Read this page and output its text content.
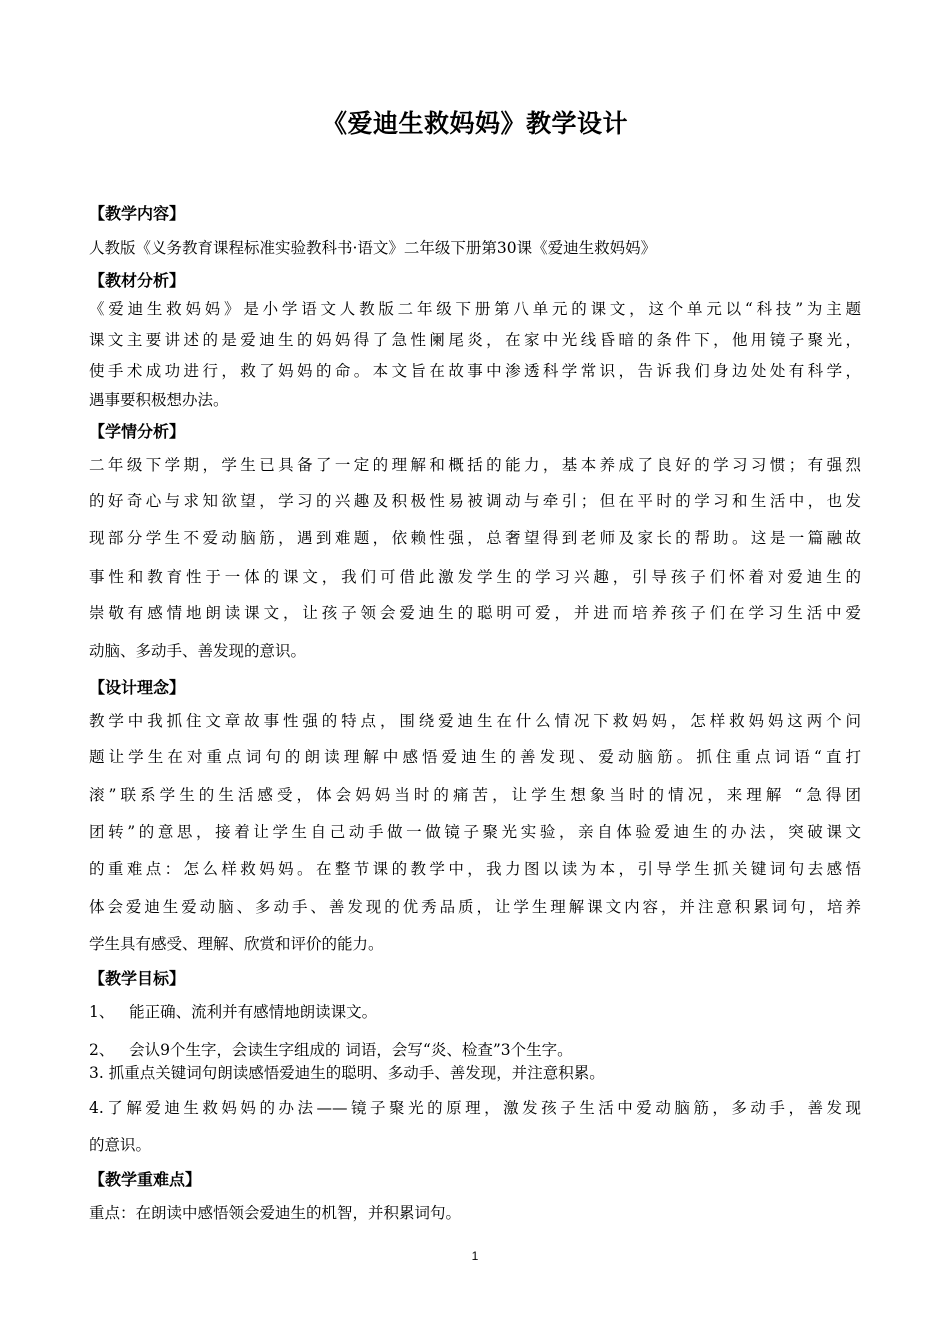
《爱迪生救妈妈》教学设计
【教学内容】
人教版《义务教育课程标准实验教科书·语文》二年级下册第30课《爱迪生救妈妈》
【教材分析】
《爱迪生救妈妈》是小学语文人教版二年级下册第八单元的课文，这个单元以“科技”为主题
课文主要讲述的是爱迪生的妈妈得了急性阑尾炎，在家中光线昏暗的条件下，他用镜子聚光，
使手术成功进行，救了妈妈的命。本文旨在故事中渗透科学常识，告诉我们身边处处有科学，
遇事要积极想办法。
【学情分析】
二年级下学期，学生已具备了一定的理解和概括的能力，基本养成了良好的学习习惯；有强烈
的好奇心与求知欲望，学习的兴趣及积极性易被调动与牵引；但在平时的学习和生活中，也发
现部分学生不爱动脑筋，遇到难题，依赖性强，总奢望得到老师及家长的帮助。这是一篇融故
事性和教育性于一体的课文，我们可借此激发学生的学习兴趣，引导孩子们怀着对爱迪生的
崇敬有感情地朗读课文，让孩子领会爱迪生的聪明可爱，并进而培养孩子们在学习生活中爱
动脑、多动手、善发现的意识。
【设计理念】
教学中我抓住文章故事性强的特点，围绕爱迪生在什么情况下救妈妈，怎样救妈妈这两个问
题让学生在对重点词句的朗读理解中感悟爱迪生的善发现、爱动脑筋。抓住重点词语“直打
滚”联系学生的生活感受，体会妈妈当时的痛苦，让学生想象当时的情况，来理解 “急得团
团转”的意思，接着让学生自己动手做一做镜子聚光实验，亲自体验爱迪生的办法，突破课文
的重难点：怎么样救妈妈。在整节课的教学中，我力图以读为本，引导学生抓关键词句去感悟
体会爱迪生爱动脑、多动手、善发现的优秀品质，让学生理解课文内容，并注意积累词句，培养
学生具有感受、理解、欣赏和评价的能力。
【教学目标】
1、   能正确、流利并有感情地朗读课文。
2、   会认9个生字，会读生字组成的 词语，会写“炎、检查”3个生字。
3. 抓重点关键词句朗读感悟爱迪生的聪明、多动手、善发现，并注意积累。
4.了解爱迪生救妈妈的办法——镜子聚光的原理，激发孩子生活中爱动脑筋，多动手，善发现
的意识。
【教学重难点】
重点：在朗读中感悟领会爱迪生的机智，并积累词句。
1
